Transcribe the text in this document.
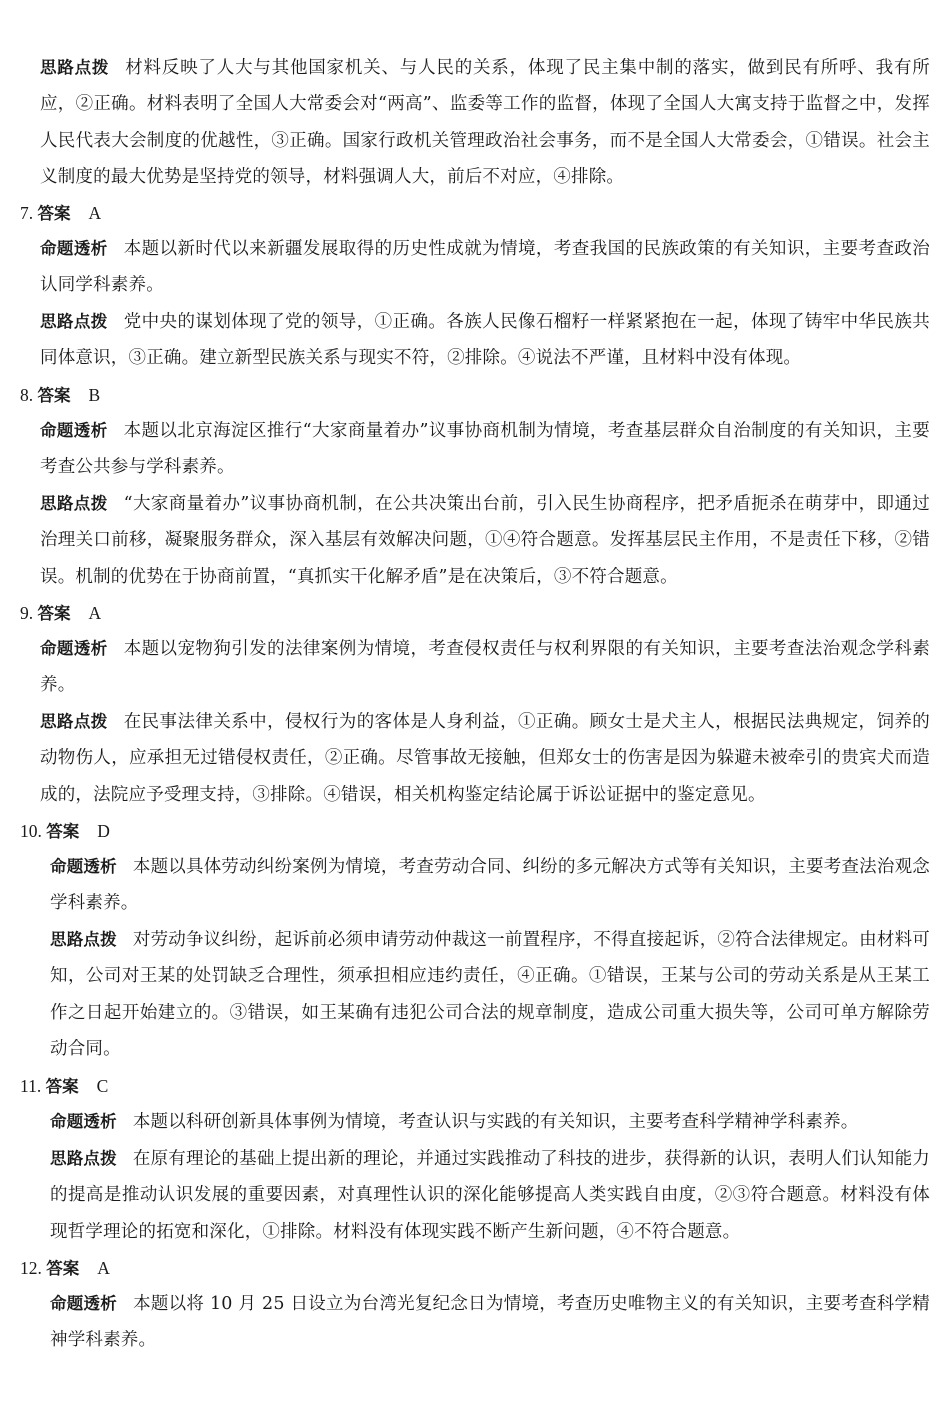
思路点拨 材料反映了人大与其他国家机关、与人民的关系，体现了民主集中制的落实，做到民有所呼、我有所应，②正确。材料表明了全国人大常委会对“两高”、监委等工作的监督，体现了全国人大寓支持于监督之中，发挥人民代表大会制度的优越性，③正确。国家行政机关管理政治社会事务，而不是全国人大常委会，①错误。社会主义制度的最大优势是坚持党的领导，材料强调人大，前后不对应，④排除。

7. 答案 A

命题透析 本题以新时代以来新疆发展取得的历史性成就为情境，考查我国的民族政策的有关知识，主要考查政治认同学科素养。

思路点拨 党中央的谋划体现了党的领导，①正确。各族人民像石榴籽一样紧紧抱在一起，体现了铸牢中华民族共同体意识，③正确。建立新型民族关系与现实不符，②排除。④说法不严谨，且材料中没有体现。

8. 答案 B

命题透析 本题以北京海淀区推行“大家商量着办”议事协商机制为情境，考查基层群众自治制度的有关知识，主要考查公共参与学科素养。

思路点拨 “大家商量着办”议事协商机制，在公共决策出台前，引入民生协商程序，把矛盾扼杀在萌芽中，即通过治理关口前移，凝聚服务群众，深入基层有效解决问题，①④符合题意。发挥基层民主作用，不是责任下移，②错误。机制的优势在于协商前置，“真抓实干化解矛盾”是在决策后，③不符合题意。

9. 答案 A

命题透析 本题以宠物狗引发的法律案例为情境，考查侵权责任与权利界限的有关知识，主要考查法治观念学科素养。

思路点拨 在民事法律关系中，侵权行为的客体是人身利益，①正确。顾女士是犬主人，根据民法典规定，饲养的动物伤人，应承担无过错侵权责任，②正确。尽管事故无接触，但郑女士的伤害是因为躲避未被牵引的贵宾犬而造成的，法院应予受理支持，③排除。④错误，相关机构鉴定结论属于诉讼证据中的鉴定意见。

10. 答案 D

命题透析 本题以具体劳动纠纷案例为情境，考查劳动合同、纠纷的多元解决方式等有关知识，主要考查法治观念学科素养。

思路点拨 对劳动争议纠纷，起诉前必须申请劳动仲裁这一前置程序，不得直接起诉，②符合法律规定。由材料可知，公司对王某的处罚缺乏合理性，须承担相应违约责任，④正确。①错误，王某与公司的劳动关系是从王某工作之日起开始建立的。③错误，如王某确有违犯公司合法的规章制度，造成公司重大损失等，公司可单方解除劳动合同。

11. 答案 C

命题透析 本题以科研创新具体事例为情境，考查认识与实践的有关知识，主要考查科学精神学科素养。

思路点拨 在原有理论的基础上提出新的理论，并通过实践推动了科技的进步，获得新的认识，表明人们认知能力的提高是推动认识发展的重要因素，对真理性认识的深化能够提高人类实践自由度，②③符合题意。材料没有体现哲学理论的拓宽和深化，①排除。材料没有体现实践不断产生新问题，④不符合题意。

12. 答案 A

命题透析 本题以将 10 月 25 日设立为台湾光复纪念日为情境，考查历史唯物主义的有关知识，主要考查科学精神学科素养。
